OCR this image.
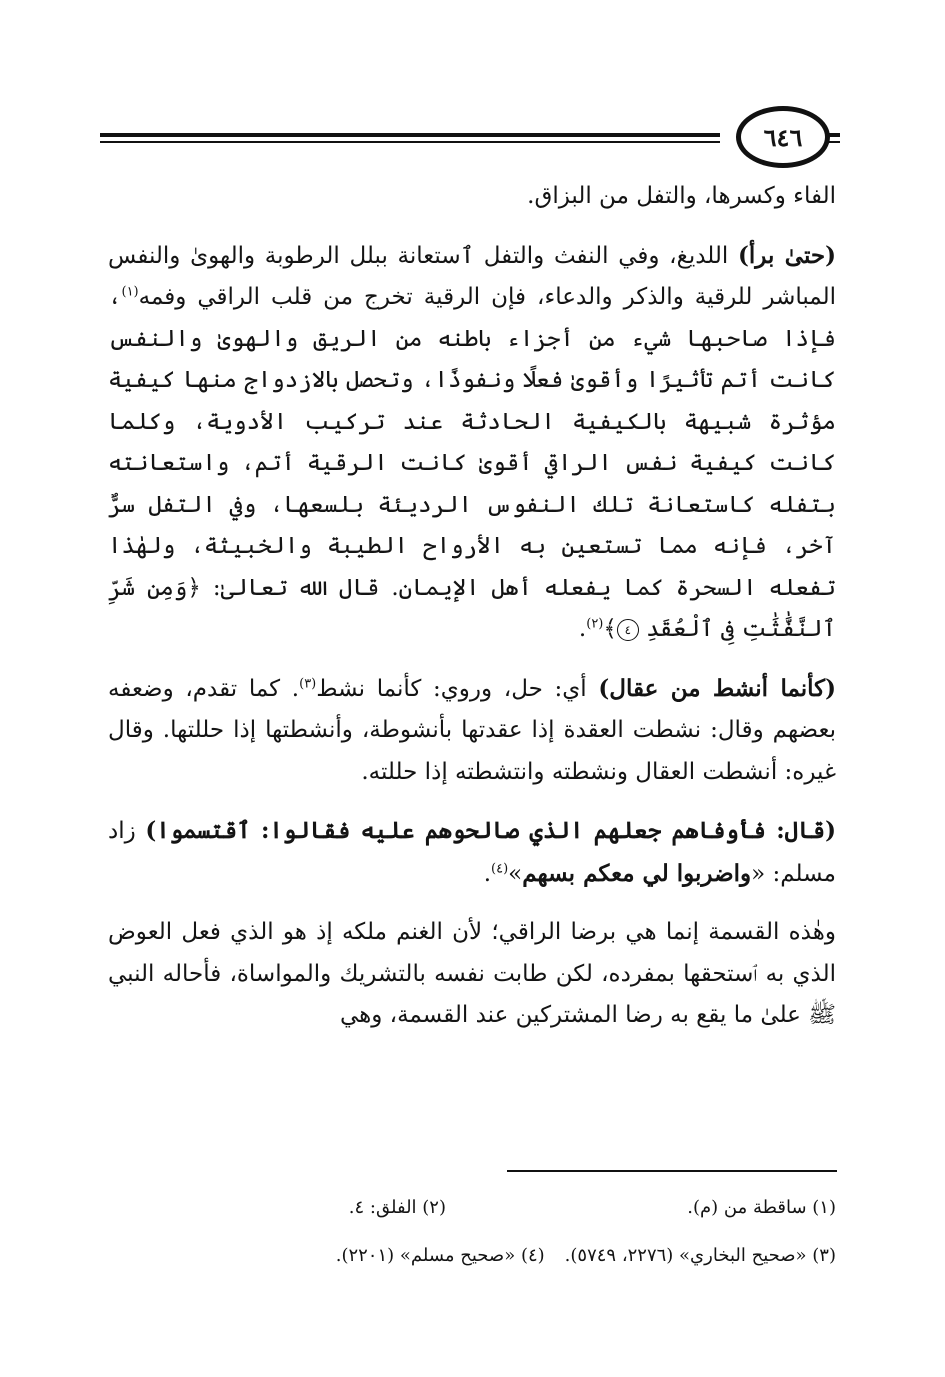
٦٤٦

الفاء وكسرها، والتفل من البزاق.

(حتىٰ برأ) اللديغ، وفي النفث والتفل ٱستعانة ببلل الرطوبة والهوىٰ والنفس المباشر للرقية والذكر والدعاء، فإن الرقية تخرج من قلب الراقي وفمه$^{(١)}$، فإذا صاحبها شيء من أجزاء باطنه من الريق والهوىٰ والنفس كانت أتم تأثيرًا وأقوىٰ فعلًا ونفوذًا، وتحصل بالازدواج منها كيفية مؤثرة شبيهة بالكيفية الحادثة عند تركيب الأدوية، وكلما كانت كيفية نفس الراقي أقوىٰ كانت الرقية أتم، واستعانته بتفله كاستعانة تلك النفوس الرديئة بلسعها، وفي التفل سرٌّ آخر، فإنه مما تستعين به الأرواح الطيبة والخبيثة، ولهٰذا تفعله السحرة كما يفعله أهل الإيمان. قال الله تعالىٰ: ﴿وَمِن شَرِّ ٱلنَّفَّٰثَٰتِ فِى ٱلْعُقَدِ ٤﴾$^{(٢)}$.

(كأنما أنشط من عقال) أي: حل، وروي: كأنما نشط$^{(٣)}$. كما تقدم، وضعفه بعضهم وقال: نشطت العقدة إذا عقدتها بأنشوطة، وأنشطتها إذا حللتها. وقال غيره: أنشطت العقال ونشطته وانتشطته إذا حللته.

(قال: فأوفاهم جعلهم الذي صالحوهم عليه فقالوا: ٱقتسموا) زاد مسلم: «واضربوا لي معكم بسهم»$^{(٤)}$.

وهٰذه القسمة إنما هي برضا الراقي؛ لأن الغنم ملكه إذ هو الذي فعل العوض الذي به ٱستحقها بمفرده، لكن طابت نفسه بالتشريك والمواساة، فأحاله النبي ﷺ علىٰ ما يقع به رضا المشتركين عند القسمة، وهي

(١) ساقطة من (م).
(٢) الفلق: ٤.
(٣) «صحيح البخاري» (٢٢٧٦، ٥٧٤٩).
(٤) «صحيح مسلم» (٢٢٠١).
